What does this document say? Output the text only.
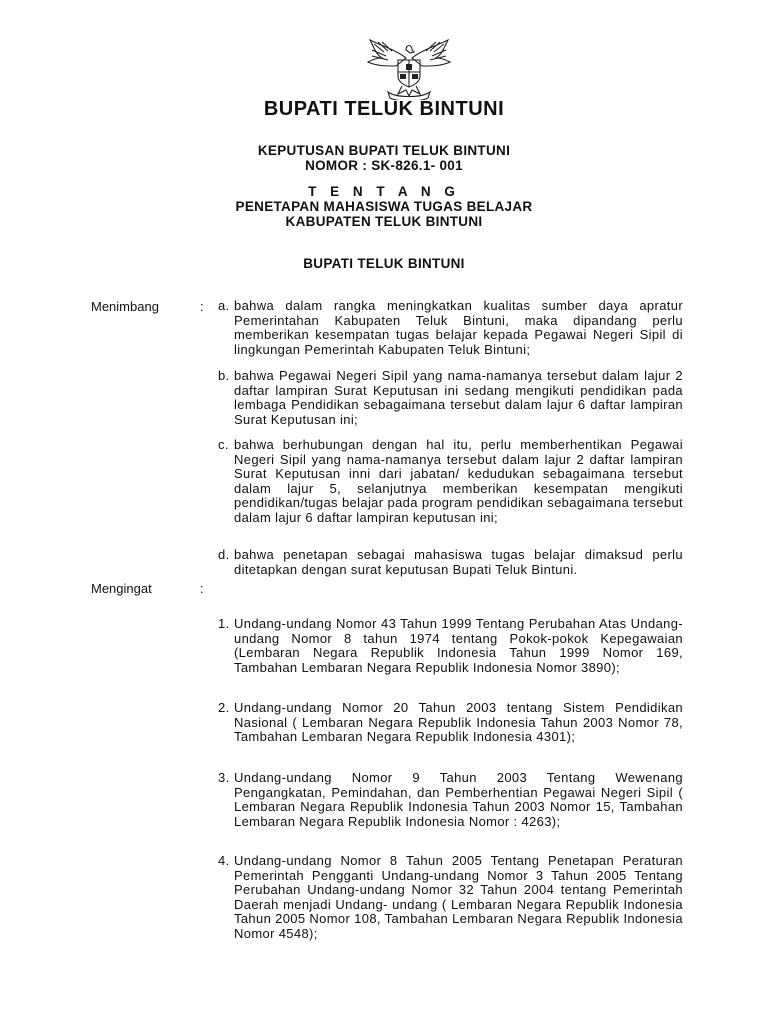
BUPATI TELUK BINTUNI
KEPUTUSAN BUPATI TELUK BINTUNI
NOMOR : SK-826.1- 001
T E N T A N G
PENETAPAN MAHASISWA TUGAS BELAJAR
KABUPATEN TELUK BINTUNI
BUPATI TELUK BINTUNI
Menimbang	: a. bahwa dalam rangka meningkatkan kualitas sumber daya apratur Pemerintahan Kabupaten Teluk Bintuni, maka dipandang perlu memberikan kesempatan tugas belajar kepada Pegawai Negeri Sipil di lingkungan Pemerintah Kabupaten Teluk Bintuni;
b. bahwa Pegawai Negeri Sipil yang nama-namanya tersebut dalam lajur 2 daftar lampiran Surat Keputusan ini sedang mengikuti pendidikan pada lembaga Pendidikan sebagaimana tersebut dalam lajur 6 daftar lampiran Surat Keputusan ini;
c. bahwa berhubungan dengan hal itu, perlu memberhentikan Pegawai Negeri Sipil yang nama-namanya tersebut dalam lajur 2 daftar lampiran Surat Keputusan inni dari jabatan/ kedudukan sebagaimana tersebut dalam lajur 5, selanjutnya memberikan kesempatan mengikuti pendidikan/tugas belajar pada program pendidikan sebagaimana tersebut dalam lajur 6 daftar lampiran keputusan ini;
d. bahwa penetapan sebagai mahasiswa tugas belajar dimaksud perlu ditetapkan dengan surat keputusan Bupati Teluk Bintuni.
Mengingat	:
1. Undang-undang Nomor 43 Tahun 1999 Tentang Perubahan Atas Undang-undang Nomor 8 tahun 1974 tentang Pokok-pokok Kepegawaian (Lembaran Negara Republik Indonesia Tahun 1999 Nomor 169, Tambahan Lembaran Negara Republik Indonesia Nomor 3890);
2. Undang-undang Nomor 20 Tahun 2003 tentang Sistem Pendidikan Nasional ( Lembaran Negara Republik Indonesia Tahun 2003 Nomor 78, Tambahan Lembaran Negara Republik Indonesia 4301);
3. Undang-undang Nomor 9 Tahun 2003 Tentang Wewenang Pengangkatan, Pemindahan, dan Pemberhentian Pegawai Negeri Sipil ( Lembaran Negara Republik Indonesia Tahun 2003 Nomor 15, Tambahan Lembaran Negara Republik Indonesia Nomor : 4263);
4. Undang-undang Nomor 8 Tahun 2005 Tentang Penetapan Peraturan Pemerintah Pengganti Undang-undang Nomor 3 Tahun 2005 Tentang Perubahan Undang-undang Nomor 32 Tahun 2004 tentang Pemerintah Daerah menjadi Undang- undang ( Lembaran Negara Republik Indonesia Tahun 2005 Nomor 108, Tambahan Lembaran Negara Republik Indonesia Nomor 4548);
